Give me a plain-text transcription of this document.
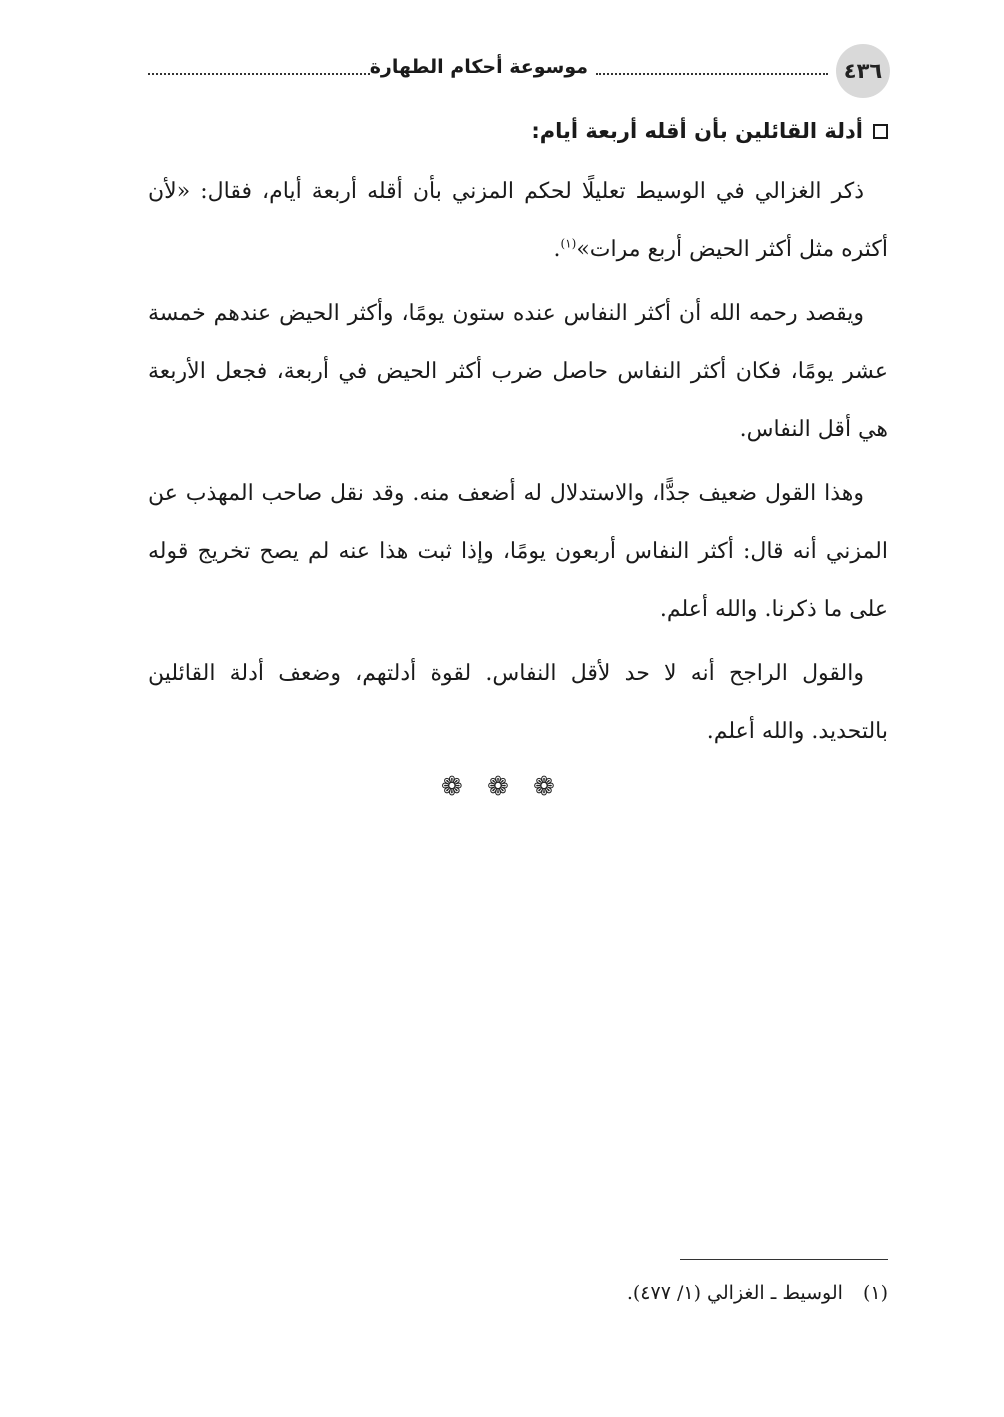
٤٣٦
موسوعة أحكام الطهارة
أدلة القائلين بأن أقله أربعة أيام:

ذكر الغزالي في الوسيط تعليلًا لحكم المزني بأن أقله أربعة أيام، فقال: «لأن أكثره مثل أكثر الحيض أربع مرات»$^{(١)}$.

ويقصد رحمه الله أن أكثر النفاس عنده ستون يومًا، وأكثر الحيض عندهم خمسة عشر يومًا، فكان أكثر النفاس حاصل ضرب أكثر الحيض في أربعة، فجعل الأربعة هي أقل النفاس.

وهذا القول ضعيف جدًّا، والاستدلال له أضعف منه. وقد نقل صاحب المهذب عن المزني أنه قال: أكثر النفاس أربعون يومًا، وإذا ثبت هذا عنه لم يصح تخريج قوله على ما ذكرنا. والله أعلم.

والقول الراجح أنه لا حد لأقل النفاس. لقوة أدلتهم، وضعف أدلة القائلين بالتحديد. والله أعلم.

❁ ❁ ❁
(١) الوسيط ـ الغزالي (١/ ٤٧٧).
